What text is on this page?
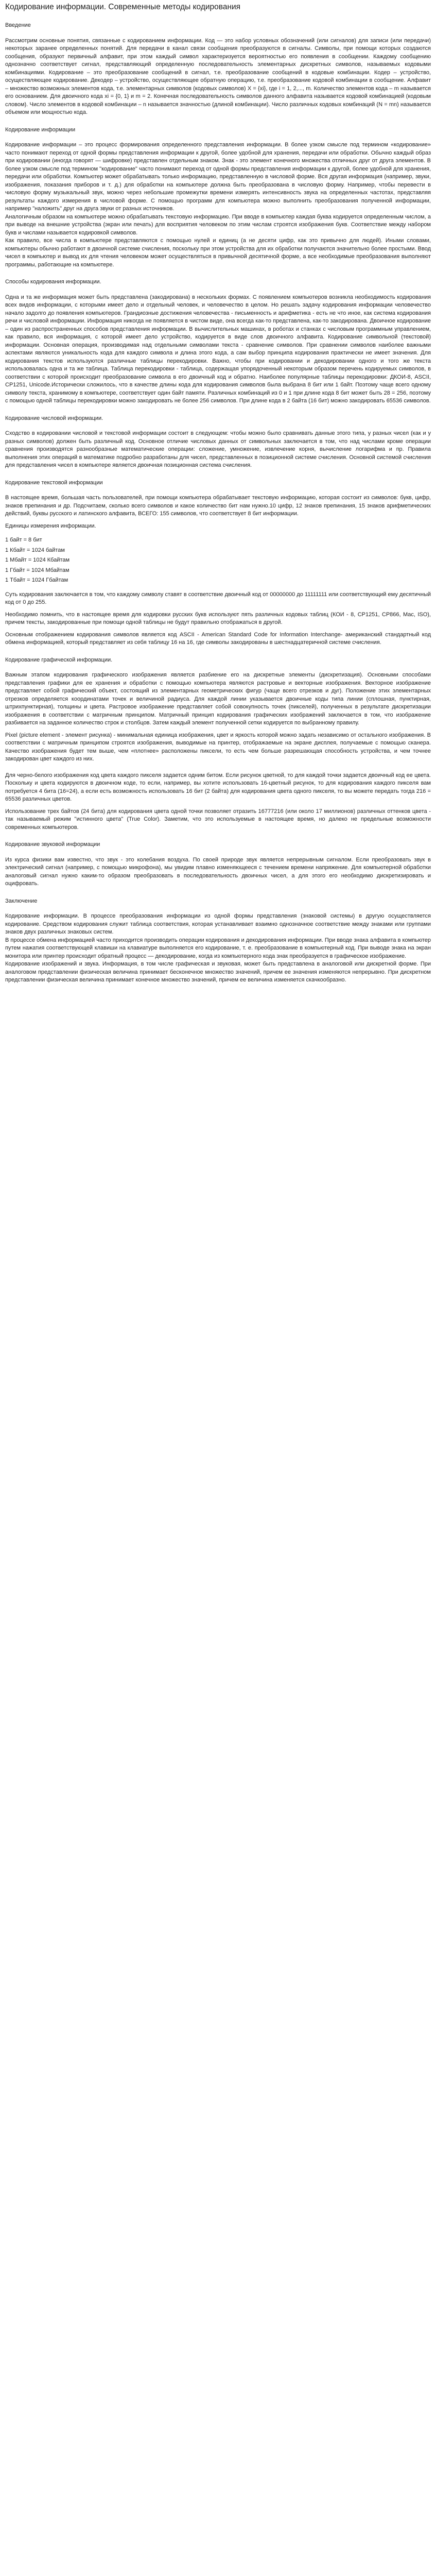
Кодирование информации. Современные методы кодирования
Введение

Рассмотрим основные понятия, связанные с кодированием информации. Код — это набор условных обозначений (или сигналов) для записи (или передачи) некоторых заранее определенных понятий. Для передачи в канал связи сообщения преобразуются в сигналы. Символы, при помощи которых создаются сообщения, образуют первичный алфавит, при этом каждый символ характеризуется вероятностью его появления в сообщении. Каждому сообщению однозначно соответствует сигнал, представляющий определенную последовательность элементарных дискретных символов, называемых кодовыми комбинациями. Кодирование – это преобразование сообщений в сигнал, т.е. преобразование сообщений в кодовые комбинации. Кодер – устройство, осуществляющее кодирование. Декодер – устройство, осуществляющее обратную операцию, т.е. преобразование кодовой комбинации в сообщение. Алфавит – множество возможных элементов кода, т.е. элементарных символов (кодовых символов) X = {xi}, где i = 1, 2,..., m. Количество элементов кода – m называется его основанием. Для двоичного кода xi = {0, 1} и m = 2. Конечная последовательность символов данного алфавита называется кодовой комбинацией (кодовым словом). Число элементов в кодовой комбинации – n называется значностью (длиной комбинации). Число различных кодовых комбинаций (N = mn) называется объемом или мощностью кода.

Кодирование информации

Кодирование информации – это процесс формирования определенного представления информации. В более узком смысле под термином «кодирование» часто понимают переход от одной формы представления информации к другой, более удобной для хранения, передачи или обработки. Обычно каждый образ при кодировании (иногда говорят — шифровке) представлен отдельным знаком. Знак - это элемент конечного множества отличных друг от друга элементов. В более узком смысле под термином "кодирование" часто понимают переход от одной формы представления информации к другой, более удобной для хранения, передачи или обработки. Компьютер может обрабатывать только информацию, представленную в числовой форме. Вся другая информация (например, звуки, изображения, показания приборов и т. д.) для обработки на компьютере должна быть преобразована в числовую форму. Например, чтобы перевести в числовую форму музыкальный звук, можно через небольшие промежутки времени измерять интенсивность звука на определенных частотах, представляя результаты каждого измерения в числовой форме. С помощью программ для компьютера можно выполнить преобразования полученной информации, например "наложить" друг на друга звуки от разных источников.

Аналогичным образом на компьютере можно обрабатывать текстовую информацию. При вводе в компьютер каждая буква кодируется определенным числом, а при выводе на внешние устройства (экран или печать) для восприятия человеком по этим числам строятся изображения букв. Соответствие между набором букв и числами называется кодировкой символов.

Как правило, все числа в компьютере представляются с помощью нулей и единиц (а не десяти цифр, как это привычно для людей). Иными словами, компьютеры обычно работают в двоичной системе счисления, поскольку при этом устройства для их обработки получаются значительно более простыми. Ввод чисел в компьютер и вывод их для чтения человеком может осуществляться в привычной десятичной форме, а все необходимые преобразования выполняют программы, работающие на компьютере.

Способы кодирования информации.

Одна и та же информация может быть представлена (закодирована) в нескольких формах. С появлением компьютеров возникла необходимость кодирования всех видов информации, с которыми имеет дело и отдельный человек, и человечество в целом. Но решать задачу кодирования информации человечество начало задолго до появления компьютеров. Грандиозные достижения человечества - письменность и арифметика - есть не что иное, как система кодирования речи и числовой информации. Информация никогда не появляется в чистом виде, она всегда как-то представлена, как-то закодирована. Двоичное кодирование – один из распространенных способов представления информации. В вычислительных машинах, в роботах и станках с числовым программным управлением, как правило, вся информация, с которой имеет дело устройство, кодируется в виде слов двоичного алфавита. Кодирование символьной (текстовой) информации. Основная операция, производимая над отдельными символами текста - сравнение символов. При сравнении символов наиболее важными аспектами являются уникальность кода для каждого символа и длина этого кода, а сам выбор принципа кодирования практически не имеет значения. Для кодирования текстов используются различные таблицы перекодировки. Важно, чтобы при кодировании и декодировании одного и того же текста использовалась одна и та же таблица. Таблица перекодировки - таблица, содержащая упорядоченный некоторым образом перечень кодируемых символов, в соответствии с которой происходит преобразование символа в его двоичный код и обратно. Наиболее популярные таблицы перекодировки: ДКОИ-8, ASCII, CP1251, Unicode.Исторически сложилось, что в качестве длины кода для кодирования символов была выбрана 8 бит или 1 байт. Поэтому чаще всего одному символу текста, хранимому в компьютере, соответствует один байт памяти. Различных комбинаций из 0 и 1 при длине кода 8 бит может быть 28 = 256, поэтому с помощью одной таблицы перекодировки можно закодировать не более 256 символов. При длине кода в 2 байта (16 бит) можно закодировать 65536 символов.

Кодирование числовой информации.

Сходство в кодировании числовой и текстовой информации состоит в следующем: чтобы можно было сравнивать данные этого типа, у разных чисел (как и у разных символов) должен быть различный код. Основное отличие числовых данных от символьных заключается в том, что над числами кроме операции сравнения производятся разнообразные математические операции: сложение, умножение, извлечение корня, вычисление логарифма и пр. Правила выполнения этих операций в математике подробно разработаны для чисел, представленных в позиционной системе счисления. Основной системой счисления для представления чисел в компьютере является двоичная позиционная система счисления.

Кодирование текстовой информации

В настоящее время, большая часть пользователей, при помощи компьютера обрабатывает текстовую информацию, которая состоит из символов: букв, цифр, знаков препинания и др. Подсчитаем, сколько всего символов и какое количество бит нам нужно.10 цифр, 12 знаков препинания, 15 знаков арифметических действий, буквы русского и латинского алфавита, ВСЕГО: 155 символов, что соответствует 8 бит информации.

Единицы измерения информации.

1 байт = 8 бит

1 Кбайт = 1024 байтам

1 Мбайт = 1024 Кбайтам

1 Гбайт = 1024 Мбайтам

1 Тбайт = 1024 Гбайтам

Суть кодирования заключается в том, что каждому символу ставят в соответствие двоичный код от 00000000 до 11111111 или соответствующий ему десятичный код от 0 до 255.

Необходимо помнить, что в настоящее время для кодировки русских букв используют пять различных кодовых таблиц (КОИ - 8, СР1251, СР866, Мас, ISO), причем тексты, закодированные при помощи одной таблицы не будут правильно отображаться в другой.

Основным отображением кодирования символов является код ASCII - American Standard Code for Information Interchange- американский стандартный код обмена информацией, который представляет из себя таблицу 16 на 16, где символы закодированы в шестнадцатеричной системе счисления.

Кодирование графической информации.

Важным этапом кодирования графического изображения является разбиение его на дискретные элементы (дискретизация). Основными способами представления графики для ее хранения и обработки с помощью компьютера являются растровые и векторные изображения. Векторное изображение представляет собой графический объект, состоящий из элементарных геометрических фигур (чаще всего отрезков и дуг). Положение этих элементарных отрезков определяется координатами точек и величиной радиуса. Для каждой линии указывается двоичные коды типа линии (сплошная, пунктирная, штрихпунктирная), толщины и цвета. Растровое изображение представляет собой совокупность точек (пикселей), полученных в результате дискретизации изображения в соответствии с матричным принципом. Матричный принцип кодирования графических изображений заключается в том, что изображение разбивается на заданное количество строк и столбцов. Затем каждый элемент полученной сетки кодируется по выбранному правилу.

Pixel (picture element - элемент рисунка) - минимальная единица изображения, цвет и яркость которой можно задать независимо от остального изображения. В соответствии с матричным принципом строятся изображения, выводимые на принтер, отображаемые на экране дисплея, получаемые с помощью сканера. Качество изображения будет тем выше, чем «плотнее» расположены пиксели, то есть чем больше разрешающая способность устройства, и чем точнее закодирован цвет каждого из них.

Для черно-белого изображения код цвета каждого пикселя задается одним битом. Если рисунок цветной, то для каждой точки задается двоичный код ее цвета. Поскольку и цвета кодируются в двоичном коде, то если, например, вы хотите использовать 16-цветный рисунок, то для кодирования каждого пикселя вам потребуется 4 бита (16=24), а если есть возможность использовать 16 бит (2 байта) для кодирования цвета одного пикселя, то вы можете передать тогда 216 = 65536 различных цветов.

Использование трех байтов (24 бита) для кодирования цвета одной точки позволяет отразить 16777216 (или около 17 миллионов) различных оттенков цвета - так называемый режим "истинного цвета" (True Color). Заметим, что это используемые в настоящее время, но далеко не предельные возможности современных компьютеров.

Кодирование звуковой информации

Из курса физики вам известно, что звук - это колебания воздуха. По своей природе звук является непрерывным сигналом. Если преобразовать звук в электрический сигнал (например, с помощью микрофона), мы увидим плавно изменяющееся с течением времени напряжение. Для компьютерной обработки аналоговый сигнал нужно каким-то образом преобразовать в последовательность двоичных чисел, а для этого его необходимо дискретизировать и оцифровать.

Заключение

Кодирование информации. В процессе преобразования информации из одной формы представления (знаковой системы) в другую осуществляется кодирование. Средством кодирования служит таблица соответствия, которая устанавливает взаимно однозначное соответствие между знаками или группами знаков двух различных знаковых систем.

В процессе обмена информацией часто приходится производить операции кодирования и декодирования информации. При вводе знака алфавита в компьютер путем нажатия соответствующей клавиши на клавиатуре выполняется его кодирование, т. е. преобразование в компьютерный код. При выводе знака на экран монитора или принтер происходит обратный процесс — декодирование, когда из компьютерного кода знак преобразуется в графическое изображение.

Кодирование изображений и звука. Информация, в том числе графическая и звуковая, может быть представлена в аналоговой или дискретной форме. При аналоговом представлении физическая величина принимает бесконечное множество значений, причем ее значения изменяются непрерывно. При дискретном представлении физическая величина принимает конечное множество значений, причем ее величина изменяется скачкообразно.
